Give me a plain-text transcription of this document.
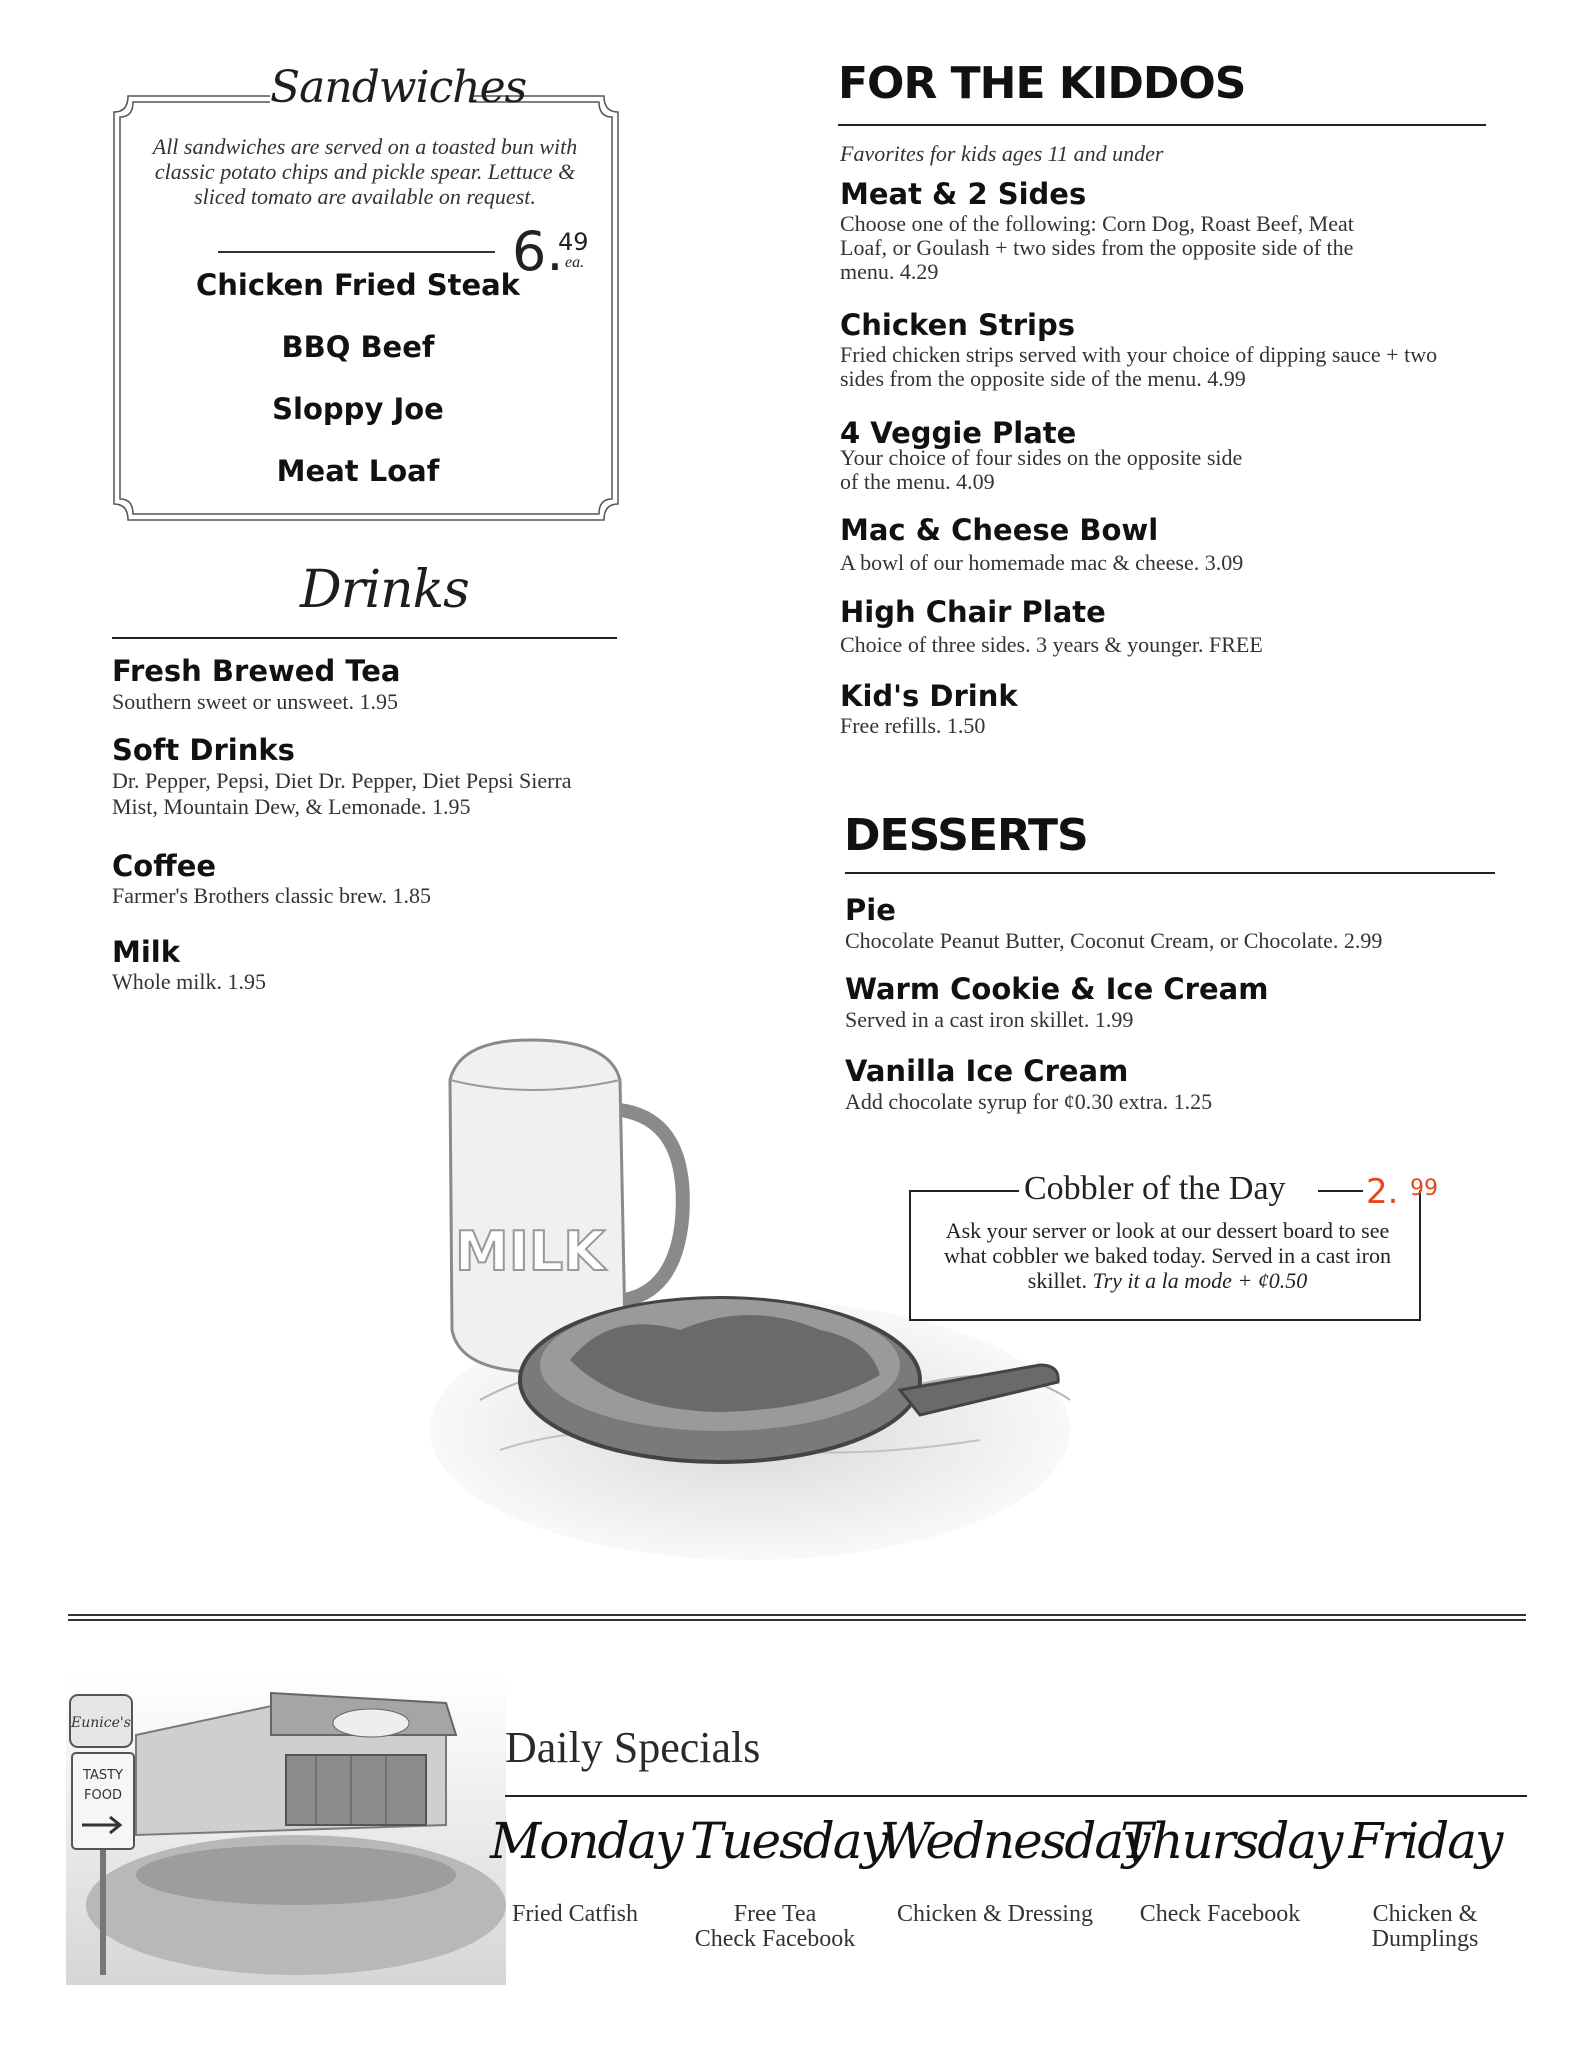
Sandwiches
All sandwiches are served on a toasted bun with classic potato chips and pickle spear. Lettuce & sliced tomato are available on request.
6.
49
ea.
Chicken Fried Steak
BBQ Beef
Sloppy Joe
Meat Loaf
Drinks
Fresh Brewed Tea
Southern sweet or unsweet. 1.95
Soft Drinks
Dr. Pepper, Pepsi, Diet Dr. Pepper, Diet Pepsi Sierra Mist, Mountain Dew, & Lemonade. 1.95
Coffee
Farmer's Brothers classic brew. 1.85
Milk
Whole milk. 1.95
FOR THE KIDDOS
Favorites for kids ages 11 and under
Meat & 2 Sides
Choose one of the following: Corn Dog, Roast Beef, Meat Loaf, or Goulash + two sides from the opposite side of the menu. 4.29
Chicken Strips
Fried chicken strips served with your choice of dipping sauce + two sides from the opposite side of the menu. 4.99
4 Veggie Plate
Your choice of four sides on the opposite side of the menu. 4.09
Mac & Cheese Bowl
A bowl of our homemade mac & cheese. 3.09
High Chair Plate
Choice of three sides. 3 years & younger. FREE
Kid's Drink
Free refills. 1.50
DESSERTS
Pie
Chocolate Peanut Butter, Coconut Cream, or Chocolate. 2.99
Warm Cookie & Ice Cream
Served in a cast iron skillet. 1.99
Vanilla Ice Cream
Add chocolate syrup for ¢0.30 extra. 1.25
MILK
Cobbler of the Day 2. 99
Ask your server or look at our dessert board to see what cobbler we baked today. Served in a cast iron skillet. Try it a la mode + ¢0.50
Eunice's
TASTY
FOOD
Daily Specials
Monday
Fried Catfish
Tuesday
Free Tea
Check Facebook
Wednesday
Chicken & Dressing
Thursday
Check Facebook
Friday
Chicken &
Dumplings
